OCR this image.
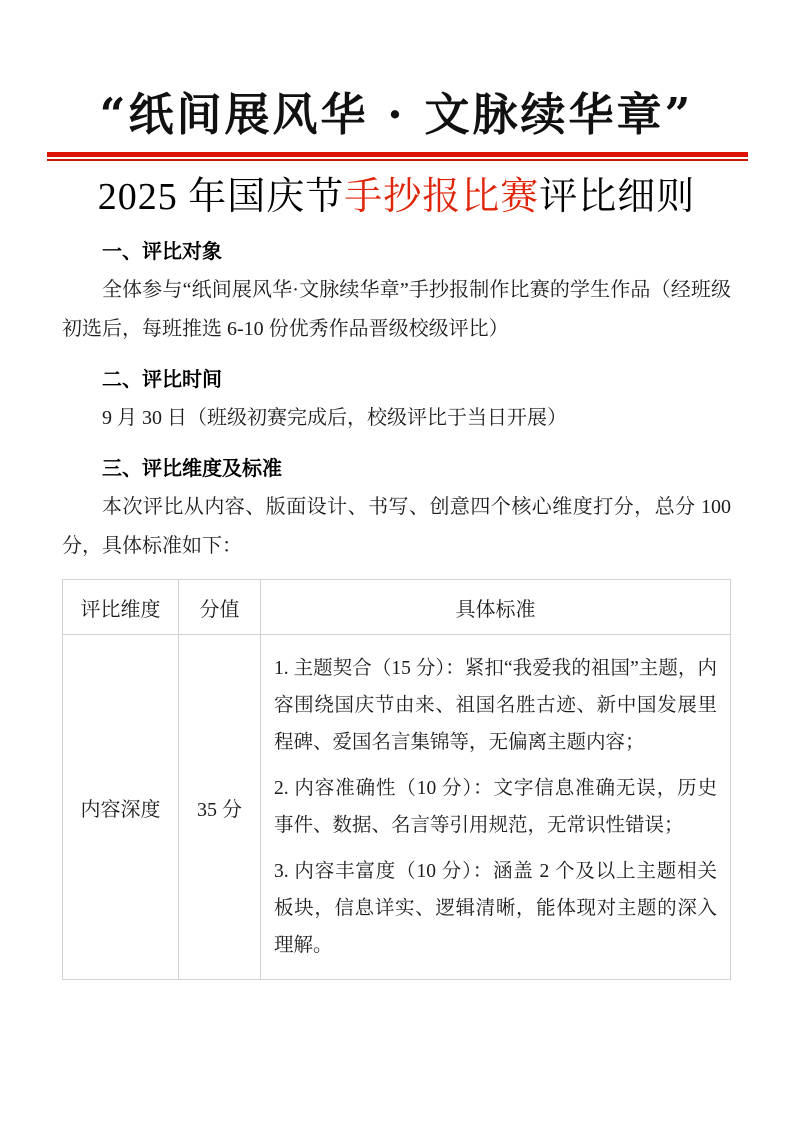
“纸间展风华 · 文脉续华章”
2025 年国庆节手抄报比赛评比细则
一、评比对象

全体参与“纸间展风华·文脉续华章”手抄报制作比赛的学生作品（经班级初选后，每班推选 6-10 份优秀作品晋级校级评比）

二、评比时间

9 月 30 日（班级初赛完成后，校级评比于当日开展）

三、评比维度及标准

本次评比从内容、版面设计、书写、创意四个核心维度打分，总分 100 分，具体标准如下：

评比维度	分值	具体标准
内容深度	35 分	1. 主题契合（15 分）：紧扣“我爱我的祖国”主题，内容围绕国庆节由来、祖国名胜古迹、新中国发展里程碑、爱国名言集锦等，无偏离主题内容；

2. 内容准确性（10 分）：文字信息准确无误，历史事件、数据、名言等引用规范，无常识性错误；

3. 内容丰富度（10 分）：涵盖 2 个及以上主题相关板块，信息详实、逻辑清晰，能体现对主题的深入理解。
